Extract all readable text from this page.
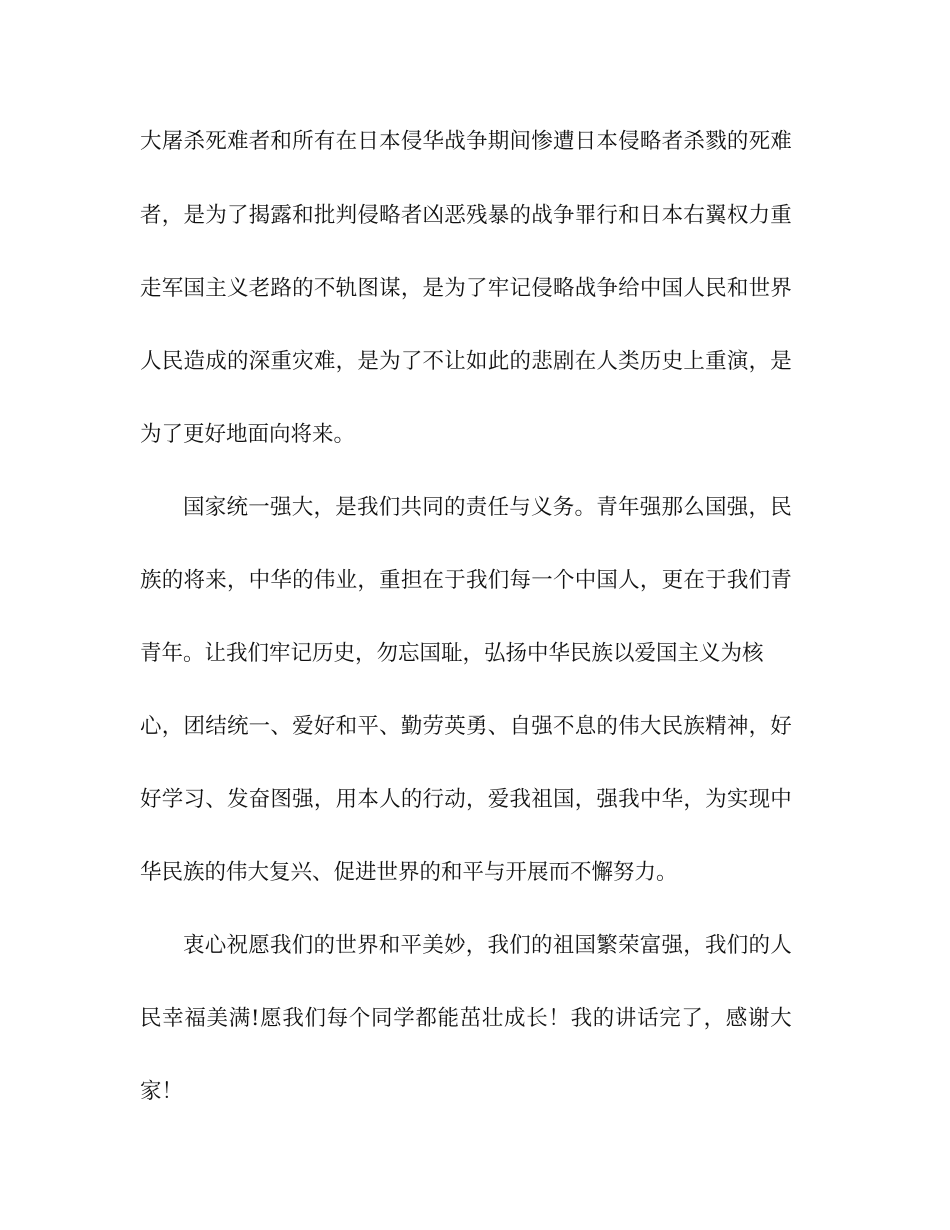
大 屠 杀 死 难 者 和 所 有 在 日 本 侵 华 战 争 期 间 惨 遭 日 本 侵 略 者 杀 戮 的 死 难
者 ， 是 为 了 揭 露 和 批 判 侵 略 者 凶 恶 残 暴 的 战 争 罪 行 和 日 本 右 翼 权 力 重
走 军 国 主 义 老 路 的 不 轨 图 谋 ， 是 为 了 牢 记 侵 略 战 争 给 中 国 人 民 和 世 界
人 民 造 成 的 深 重 灾 难 ， 是 为 了 不 让 如 此 的 悲 剧 在 人 类 历 史 上 重 演 ， 是
为了更好地面向将来。
国 家 统 一 强 大 ， 是 我 们 共 同 的 责 任 与 义 务 。 青 年 强 那 么 国 强 ， 民
族 的 将 来 ， 中 华 的 伟 业 ， 重 担 在 于 我 们 每 一 个 中 国 人 ， 更 在 于 我 们 青
青年。让我们牢记历史，勿忘国耻，弘扬中华民族以爱国主义为核
心 ， 团 结 统 一 、 爱 好 和 平 、 勤 劳 英 勇 、 自 强 不 息 的 伟 大 民 族 精 神 ， 好
好 学 习 、 发 奋 图 强 ， 用 本 人 的 行 动 ， 爱 我 祖 国 ， 强 我 中 华 ， 为 实 现 中
华民族的伟大复兴、促进世界的和平与开展而不懈努力。
衷 心 祝 愿 我 们 的 世 界 和 平 美 妙 ， 我 们 的 祖 国 繁 荣 富 强 ， 我 们 的 人
民 幸 福 美 满 ! 愿 我 们 每 个 同 学 都 能 茁 壮 成 长 ！ 我 的 讲 话 完 了 ， 感 谢 大
家！
